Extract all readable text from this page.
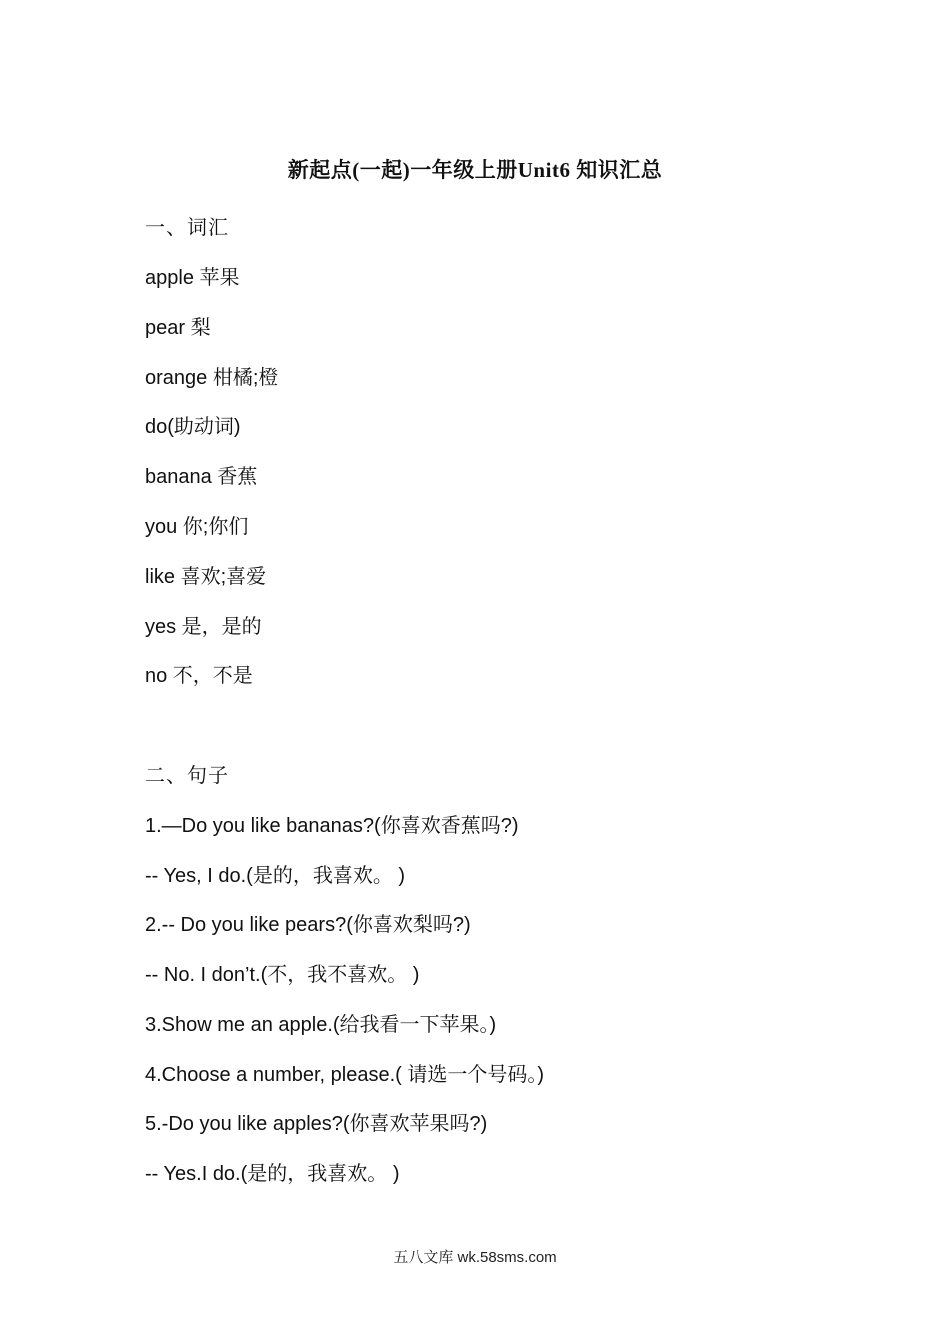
新起点(一起)一年级上册Unit6 知识汇总
一、词汇
apple 苹果
pear 梨
orange 柑橘;橙
do(助动词)
banana 香蕉
you 你;你们
like 喜欢;喜爱
yes 是，是的
no 不，不是
二、句子
1.—Do you like bananas?(你喜欢香蕉吗?)
-- Yes, I do.(是的，我喜欢。 )
2.-- Do you like pears?(你喜欢梨吗?)
-- No. I don’t.(不，我不喜欢。 )
3.Show me an apple.(给我看一下苹果。)
4.Choose a number, please.( 请选一个号码。)
5.-Do you like apples?(你喜欢苹果吗?)
-- Yes.I do.(是的，我喜欢。 )
五八文库 wk.58sms.com
